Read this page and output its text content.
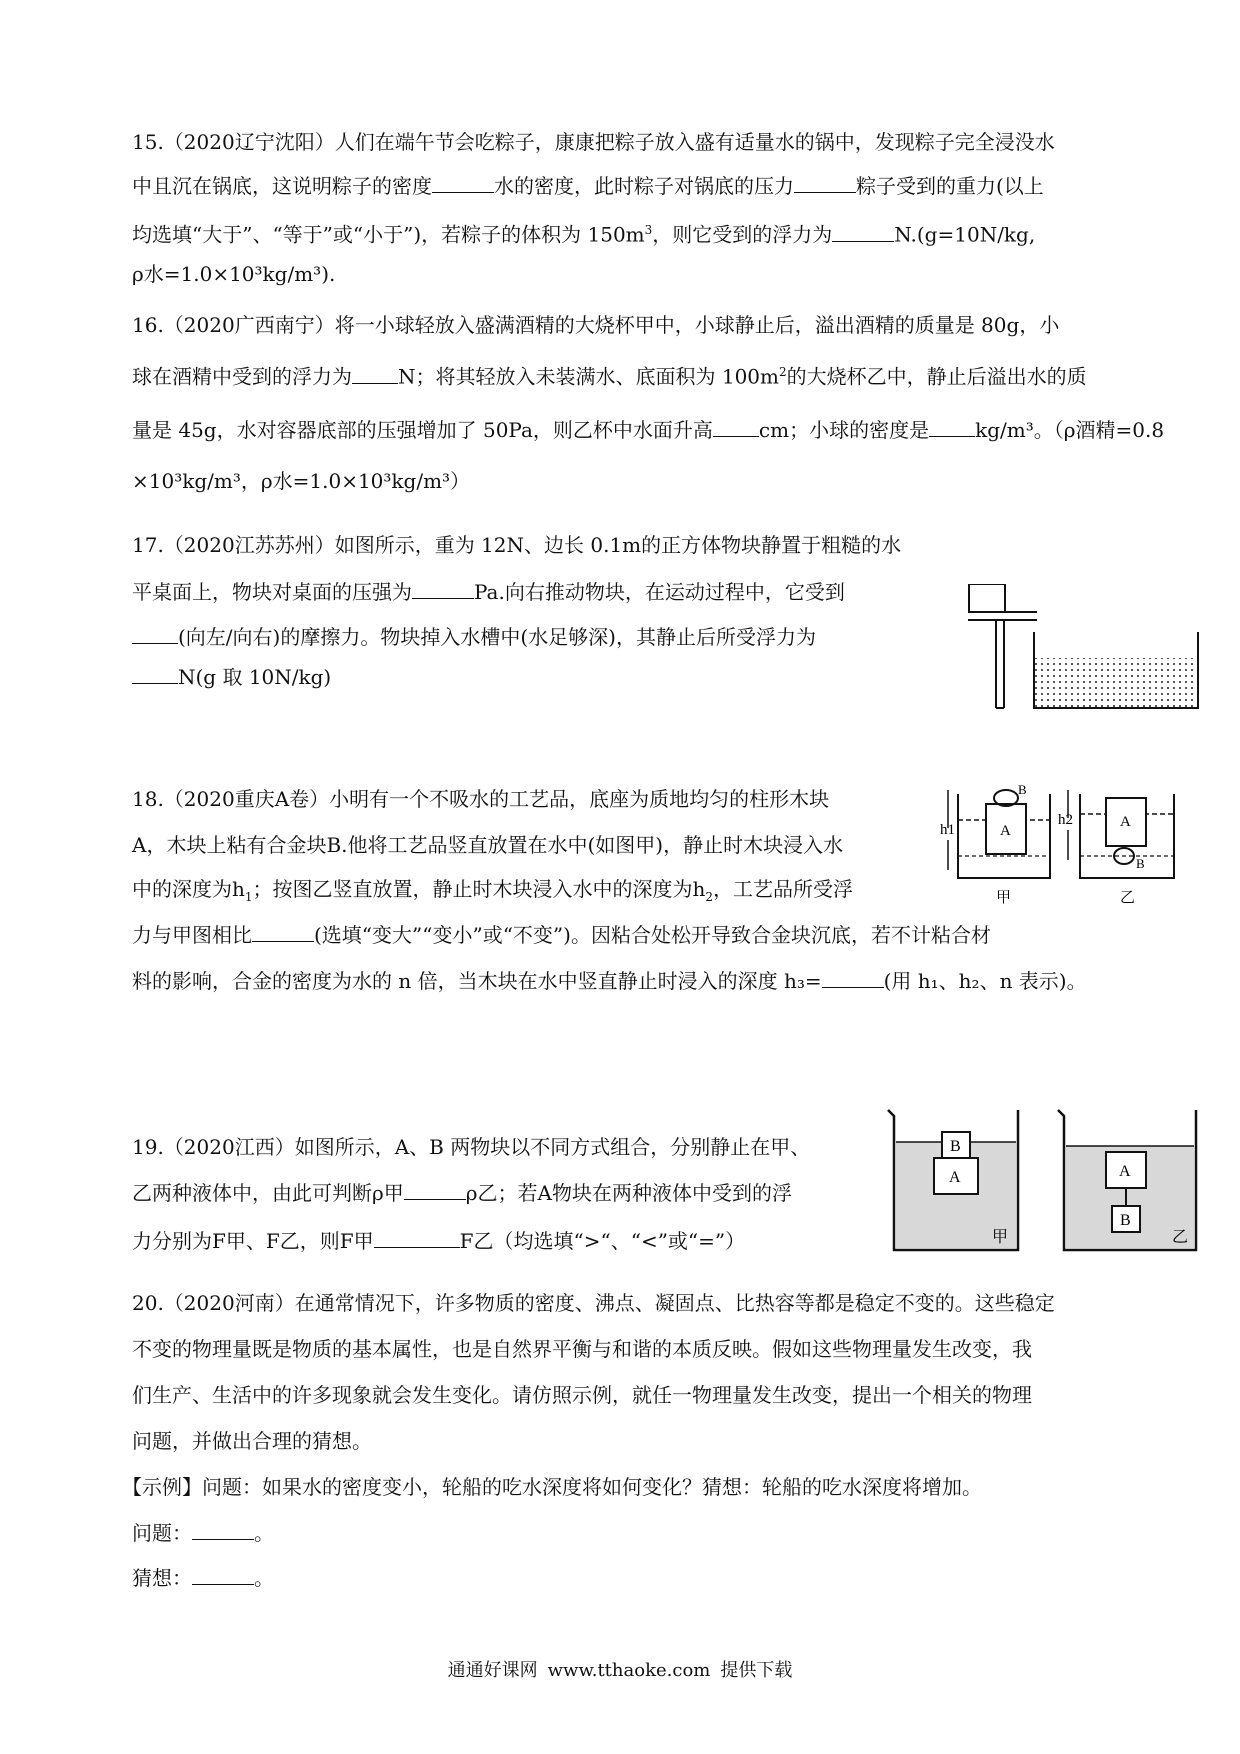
15.（2020辽宁沈阳）人们在端午节会吃粽子，康康把粽子放入盛有适量水的锅中，发现粽子完全浸没水
中且沉在锅底，这说明粽子的密度	水的密度，此时粽子对锅底的压力	粽子受到的重力(以上
均选填“大于”、“等于”或“小于”)，若粽子的体积为 $150m^3$，则它受到的浮力为	N.(g=10N/kg,
ρ水=1.0×10³kg/m³).
16.（2020广西南宁）将一小球轻放入盛满酒精的大烧杯甲中，小球静止后，溢出酒精的质量是 80g，小
球在酒精中受到的浮力为 N；将其轻放入未装满水、底面积为 $100m^2$的大烧杯乙中，静止后溢出水的质
量是 45g，水对容器底部的压强增加了 50Pa，则乙杯中水面升高 cm；小球的密度是 kg/m³。（ρ酒精=0.8
×10³kg/m³，ρ水=1.0×10³kg/m³）
17.（2020江苏苏州）如图所示，重为 12N、边长 0.1m的正方体物块静置于粗糙的水
平桌面上，物块对桌面的压强为	Pa.向右推动物块，在运动过程中，它受到
(向左/向右)的摩擦力。物块掉入水槽中(水足够深)，其静止后所受浮力为
N(g 取 10N/kg)
18.（2020重庆A卷）小明有一个不吸水的工艺品，底座为质地均匀的柱形木块
A，木块上粘有合金块B.他将工艺品竖直放置在水中(如图甲)，静止时木块浸入水
中的深度为$h_1$；按图乙竖直放置，静止时木块浸入水中的深度为$h_2$，工艺品所受浮
力与甲图相比	(选填“变大”“变小”或“不变”)。因粘合处松开导致合金块沉底，若不计粘合材
料的影响，合金的密度为水的 n 倍，当木块在水中竖直静止时浸入的深度 h₃=	(用 h₁、h₂、n 表示)。
h1	A
B
甲
h2	A
B
乙
19.（2020江西）如图所示，A、B 两物块以不同方式组合，分别静止在甲、
乙两种液体中，由此可判断ρ甲	ρ乙；若A物块在两种液体中受到的浮
力分别为F甲、F乙，则F甲	F乙（均选填“>“、“<”或“=”）
A
B
甲
A
B
乙
20.（2020河南）在通常情况下，许多物质的密度、沸点、凝固点、比热容等都是稳定不变的。这些稳定
不变的物理量既是物质的基本属性，也是自然界平衡与和谐的本质反映。假如这些物理量发生改变，我
们生产、生活中的许多现象就会发生变化。请仿照示例，就任一物理量发生改变，提出一个相关的物理
问题，并做出合理的猜想。
【示例】问题：如果水的密度变小，轮船的吃水深度将如何变化？猜想：轮船的吃水深度将增加。
问题：	。
猜想：	。
通通好课网 www.tthaoke.com 提供下载
